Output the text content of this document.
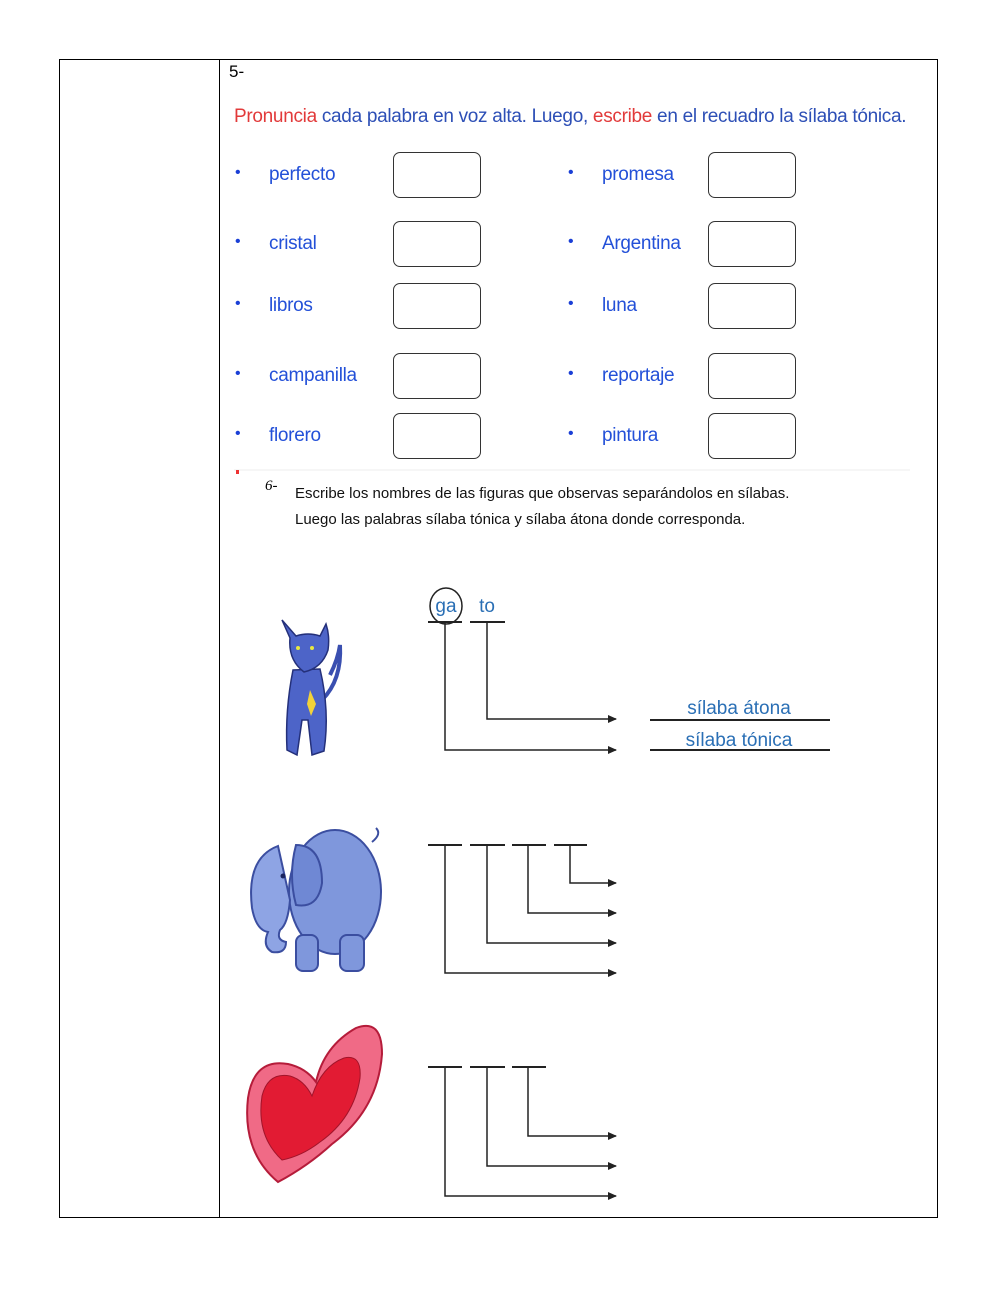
5-
Pronuncia cada palabra en voz alta. Luego, escribe en el recuadro la sílaba tónica.
• perfecto
• cristal
• libros
• campanilla
• florero
• promesa
• Argentina
• luna
• reportaje
• pintura
6- Escribe los nombres de las figuras que observas separándolos en sílabas.
Luego las palabras sílaba tónica y sílaba átona donde corresponda.
ga to
sílaba átona
sílaba tónica
